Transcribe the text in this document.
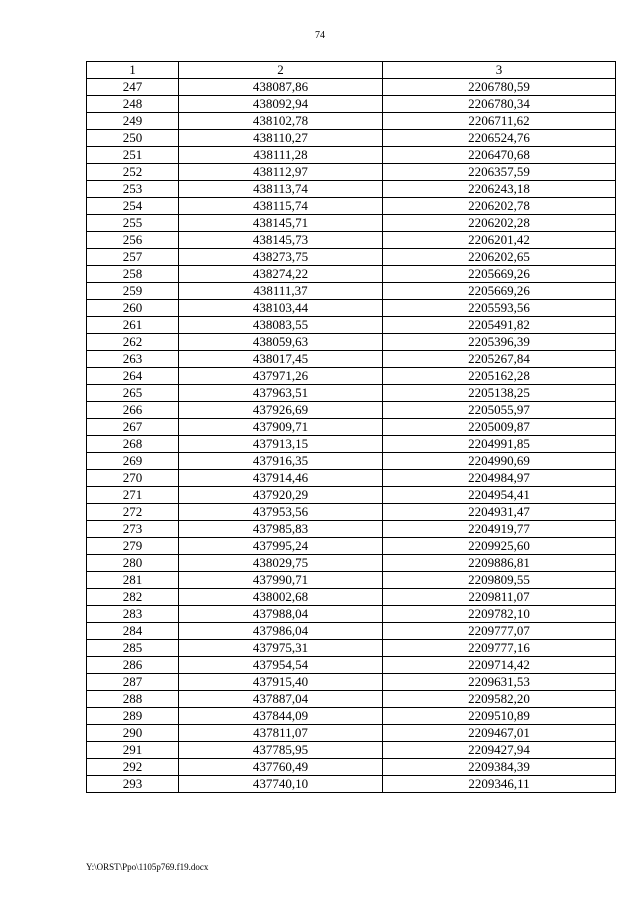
74
1	2	3
247	438087,86	2206780,59
248	438092,94	2206780,34
249	438102,78	2206711,62
250	438110,27	2206524,76
251	438111,28	2206470,68
252	438112,97	2206357,59
253	438113,74	2206243,18
254	438115,74	2206202,78
255	438145,71	2206202,28
256	438145,73	2206201,42
257	438273,75	2206202,65
258	438274,22	2205669,26
259	438111,37	2205669,26
260	438103,44	2205593,56
261	438083,55	2205491,82
262	438059,63	2205396,39
263	438017,45	2205267,84
264	437971,26	2205162,28
265	437963,51	2205138,25
266	437926,69	2205055,97
267	437909,71	2205009,87
268	437913,15	2204991,85
269	437916,35	2204990,69
270	437914,46	2204984,97
271	437920,29	2204954,41
272	437953,56	2204931,47
273	437985,83	2204919,77
279	437995,24	2209925,60
280	438029,75	2209886,81
281	437990,71	2209809,55
282	438002,68	2209811,07
283	437988,04	2209782,10
284	437986,04	2209777,07
285	437975,31	2209777,16
286	437954,54	2209714,42
287	437915,40	2209631,53
288	437887,04	2209582,20
289	437844,09	2209510,89
290	437811,07	2209467,01
291	437785,95	2209427,94
292	437760,49	2209384,39
293	437740,10	2209346,11
Y:\ORST\Ppo\1105p769.f19.docx
